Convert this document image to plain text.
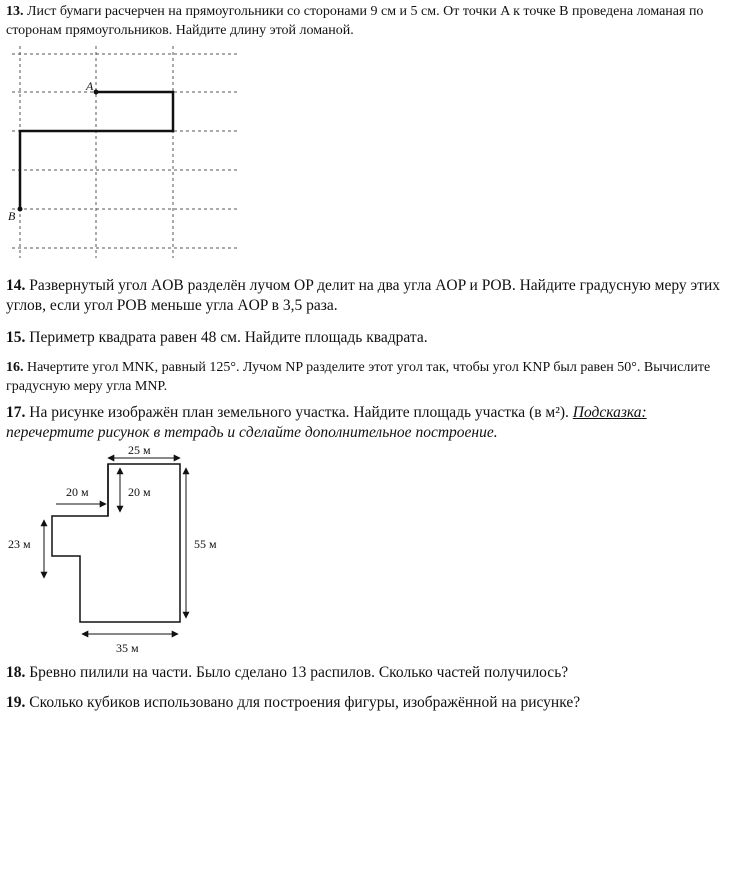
13. Лист бумаги расчерчен на прямоугольники со сторонами 9 см и 5 см. От точки A к точке B проведена ломаная по сторонам прямоугольников. Найдите длину этой ломаной.
A
B
14. Развернутый угол AOB разделён лучом OP делит на два угла AOP и POB. Найдите градусную меру этих углов, если угол POB меньше угла AOP в 3,5 раза.
15. Периметр квадрата равен 48 см. Найдите площадь квадрата.
16. Начертите угол MNK, равный 125°. Лучом NP разделите этот угол так, чтобы угол KNP был равен 50°. Вычислите градусную меру угла MNP.
17. На рисунке изображён план земельного участка. Найдите площадь участка (в м²). Подсказка: перечертите рисунок в тетрадь и сделайте дополнительное построение.
25 м
20 м	20 м
23 м	55 м
35 м
18. Бревно пилили на части. Было сделано 13 распилов. Сколько частей получилось?
19. Сколько кубиков использовано для построения фигуры, изображённой на рисунке?
